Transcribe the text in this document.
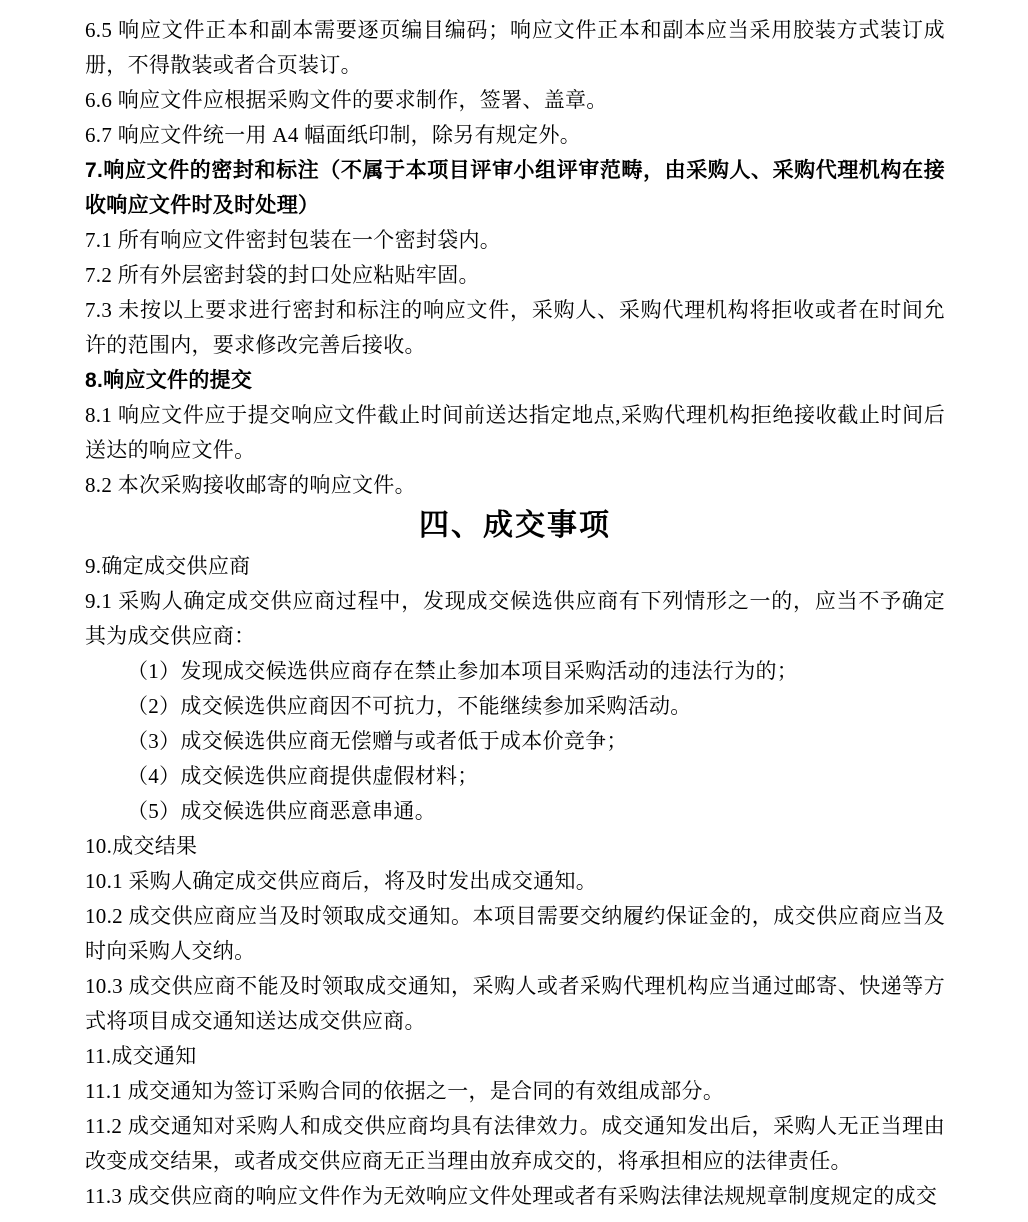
6.5 响应文件正本和副本需要逐页编目编码；响应文件正本和副本应当采用胶装方式装订成册，不得散装或者合页装订。

6.6 响应文件应根据采购文件的要求制作，签署、盖章。

6.7 响应文件统一用 A4 幅面纸印制，除另有规定外。

7.响应文件的密封和标注（不属于本项目评审小组评审范畴，由采购人、采购代理机构在接收响应文件时及时处理）

7.1 所有响应文件密封包装在一个密封袋内。

7.2 所有外层密封袋的封口处应粘贴牢固。

7.3 未按以上要求进行密封和标注的响应文件，采购人、采购代理机构将拒收或者在时间允许的范围内，要求修改完善后接收。

8.响应文件的提交

8.1 响应文件应于提交响应文件截止时间前送达指定地点,采购代理机构拒绝接收截止时间后送达的响应文件。

8.2 本次采购接收邮寄的响应文件。

四、成交事项

9.确定成交供应商

9.1 采购人确定成交供应商过程中，发现成交候选供应商有下列情形之一的，应当不予确定其为成交供应商：

（1）发现成交候选供应商存在禁止参加本项目采购活动的违法行为的；

（2）成交候选供应商因不可抗力，不能继续参加采购活动。

（3）成交候选供应商无偿赠与或者低于成本价竞争；

（4）成交候选供应商提供虚假材料；

（5）成交候选供应商恶意串通。

10.成交结果

10.1 采购人确定成交供应商后，将及时发出成交通知。

10.2 成交供应商应当及时领取成交通知。本项目需要交纳履约保证金的，成交供应商应当及时向采购人交纳。

10.3 成交供应商不能及时领取成交通知，采购人或者采购代理机构应当通过邮寄、快递等方式将项目成交通知送达成交供应商。

11.成交通知

11.1 成交通知为签订采购合同的依据之一，是合同的有效组成部分。

11.2 成交通知对采购人和成交供应商均具有法律效力。成交通知发出后，采购人无正当理由改变成交结果，或者成交供应商无正当理由放弃成交的，将承担相应的法律责任。

11.3 成交供应商的响应文件作为无效响应文件处理或者有采购法律法规规章制度规定的成交
